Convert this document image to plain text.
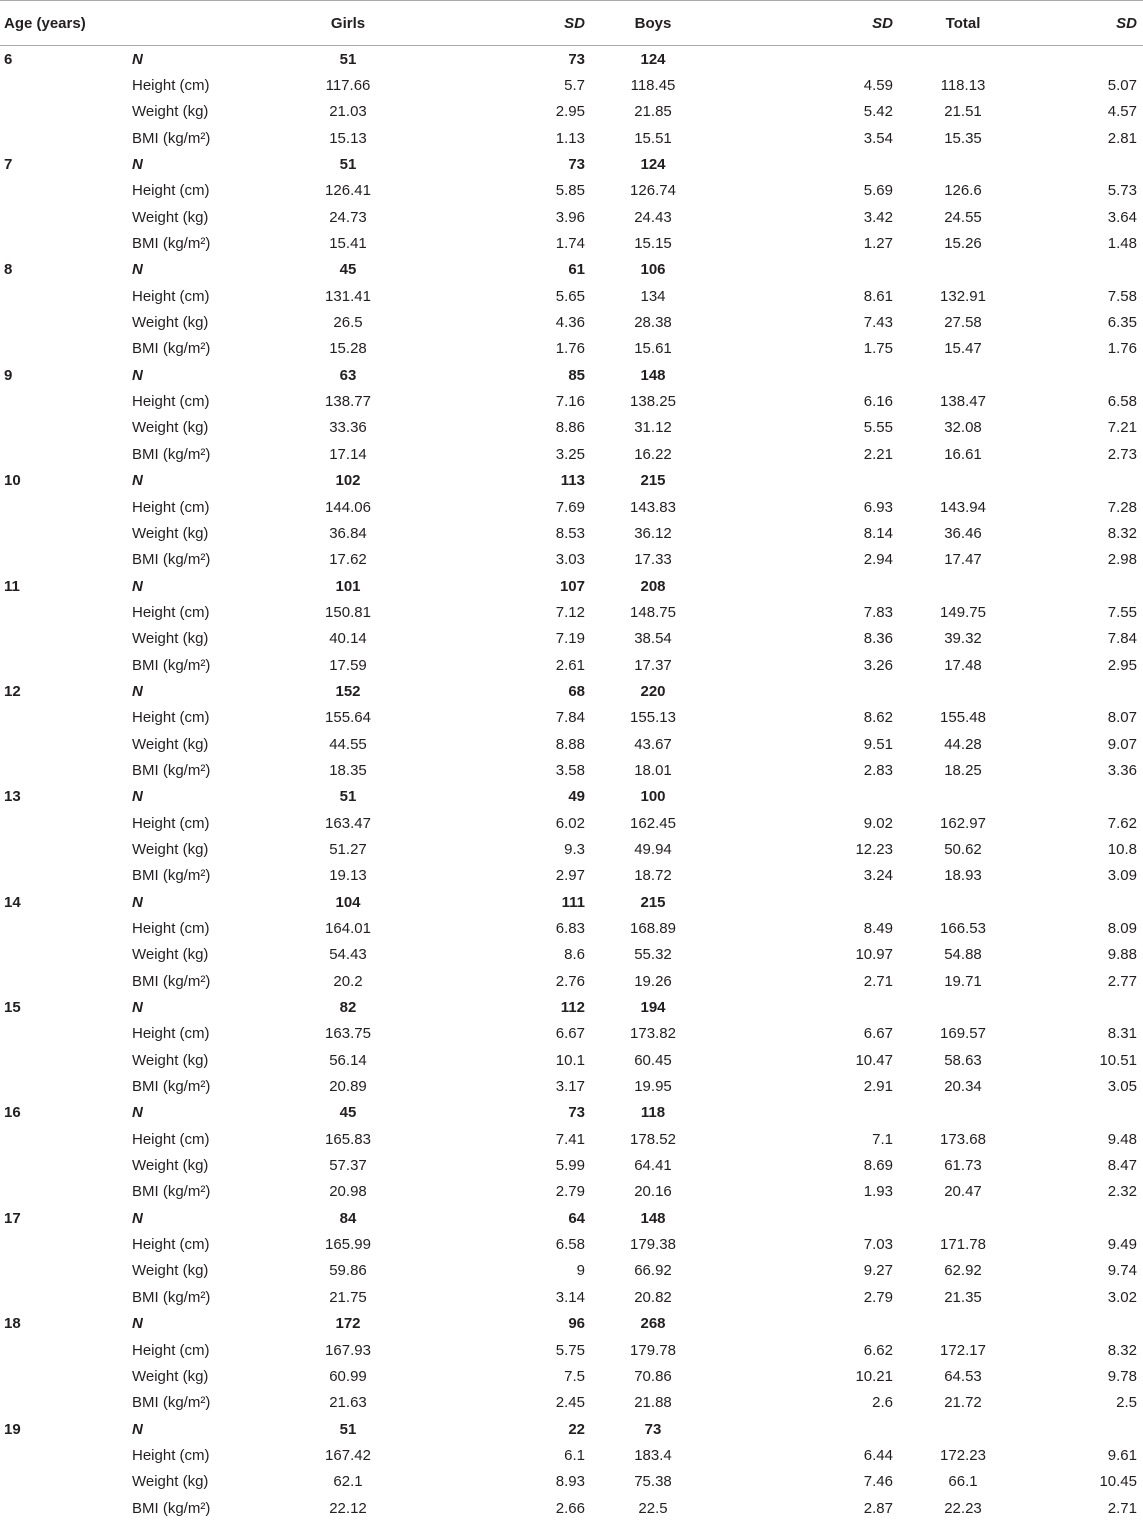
Age (years)		Girls	SD	Boys	SD	Total	SD
6	N	51	73	124			
	Height (cm)	117.66	5.7	118.45	4.59	118.13	5.07
	Weight (kg)	21.03	2.95	21.85	5.42	21.51	4.57
	BMI (kg/m²)	15.13	1.13	15.51	3.54	15.35	2.81
7	N	51	73	124			
	Height (cm)	126.41	5.85	126.74	5.69	126.6	5.73
	Weight (kg)	24.73	3.96	24.43	3.42	24.55	3.64
	BMI (kg/m²)	15.41	1.74	15.15	1.27	15.26	1.48
8	N	45	61	106			
	Height (cm)	131.41	5.65	134	8.61	132.91	7.58
	Weight (kg)	26.5	4.36	28.38	7.43	27.58	6.35
	BMI (kg/m²)	15.28	1.76	15.61	1.75	15.47	1.76
9	N	63	85	148			
	Height (cm)	138.77	7.16	138.25	6.16	138.47	6.58
	Weight (kg)	33.36	8.86	31.12	5.55	32.08	7.21
	BMI (kg/m²)	17.14	3.25	16.22	2.21	16.61	2.73
10	N	102	113	215			
	Height (cm)	144.06	7.69	143.83	6.93	143.94	7.28
	Weight (kg)	36.84	8.53	36.12	8.14	36.46	8.32
	BMI (kg/m²)	17.62	3.03	17.33	2.94	17.47	2.98
11	N	101	107	208			
	Height (cm)	150.81	7.12	148.75	7.83	149.75	7.55
	Weight (kg)	40.14	7.19	38.54	8.36	39.32	7.84
	BMI (kg/m²)	17.59	2.61	17.37	3.26	17.48	2.95
12	N	152	68	220			
	Height (cm)	155.64	7.84	155.13	8.62	155.48	8.07
	Weight (kg)	44.55	8.88	43.67	9.51	44.28	9.07
	BMI (kg/m²)	18.35	3.58	18.01	2.83	18.25	3.36
13	N	51	49	100			
	Height (cm)	163.47	6.02	162.45	9.02	162.97	7.62
	Weight (kg)	51.27	9.3	49.94	12.23	50.62	10.8
	BMI (kg/m²)	19.13	2.97	18.72	3.24	18.93	3.09
14	N	104	111	215			
	Height (cm)	164.01	6.83	168.89	8.49	166.53	8.09
	Weight (kg)	54.43	8.6	55.32	10.97	54.88	9.88
	BMI (kg/m²)	20.2	2.76	19.26	2.71	19.71	2.77
15	N	82	112	194			
	Height (cm)	163.75	6.67	173.82	6.67	169.57	8.31
	Weight (kg)	56.14	10.1	60.45	10.47	58.63	10.51
	BMI (kg/m²)	20.89	3.17	19.95	2.91	20.34	3.05
16	N	45	73	118			
	Height (cm)	165.83	7.41	178.52	7.1	173.68	9.48
	Weight (kg)	57.37	5.99	64.41	8.69	61.73	8.47
	BMI (kg/m²)	20.98	2.79	20.16	1.93	20.47	2.32
17	N	84	64	148			
	Height (cm)	165.99	6.58	179.38	7.03	171.78	9.49
	Weight (kg)	59.86	9	66.92	9.27	62.92	9.74
	BMI (kg/m²)	21.75	3.14	20.82	2.79	21.35	3.02
18	N	172	96	268			
	Height (cm)	167.93	5.75	179.78	6.62	172.17	8.32
	Weight (kg)	60.99	7.5	70.86	10.21	64.53	9.78
	BMI (kg/m²)	21.63	2.45	21.88	2.6	21.72	2.5
19	N	51	22	73			
	Height (cm)	167.42	6.1	183.4	6.44	172.23	9.61
	Weight (kg)	62.1	8.93	75.38	7.46	66.1	10.45
	BMI (kg/m²)	22.12	2.66	22.5	2.87	22.23	2.71
